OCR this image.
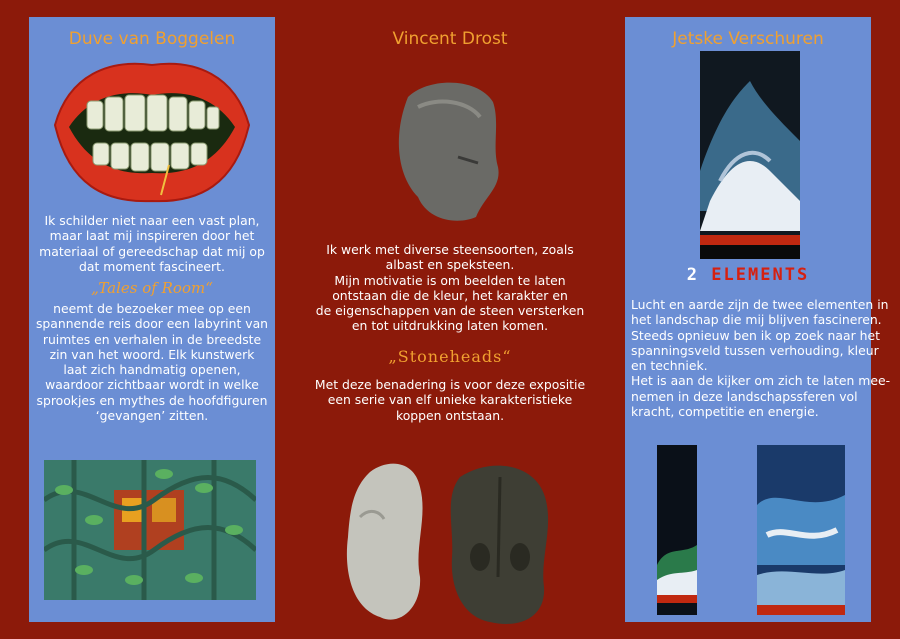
Duve van Boggelen
Ik schilder niet naar een vast plan,
maar laat mij inspireren door het
materiaal of gereedschap dat mij op
dat moment fascineert.
„Tales of Room“
neemt de bezoeker mee op een
spannende reis door een labyrint van
ruimtes en verhalen in de breedste
zin van het woord. Elk kunstwerk
laat zich handmatig openen,
waardoor zichtbaar wordt in welke
sprookjes en mythes de hoofdfiguren
‘gevangen’ zitten.
Vincent Drost
Ik werk met diverse steensoorten, zoals
albast en speksteen.
Mijn motivatie is om beelden te laten
ontstaan die de kleur, het karakter en
de eigenschappen van de steen versterken
en tot uitdrukking laten komen.
„Stoneheads“
Met deze benadering is voor deze expositie
een serie van elf unieke karakteristieke
koppen ontstaan.
Jetske Verschuren
2 ELEMENTS
Lucht en aarde zijn de twee elementen in
het landschap die mij blijven fascineren.
Steeds opnieuw ben ik op zoek naar het
spanningsveld tussen verhouding, kleur
en techniek.
Het is aan de kijker om zich te laten mee-
nemen in deze landschapssferen vol
kracht, competitie en energie.
